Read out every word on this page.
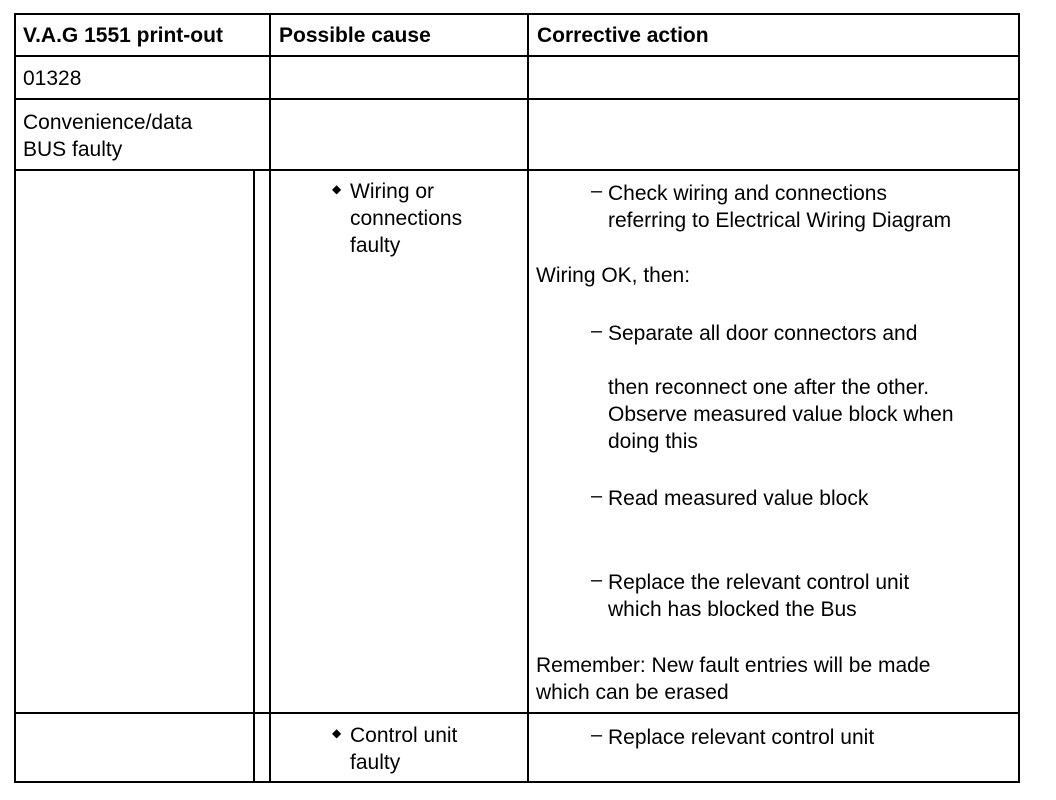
V.A.G 1551 print-out	Possible cause	Corrective action
01328
Convenience/data
BUS faulty
◆ Wiring or
connections
faulty
– Check wiring and connections
referring to Electrical Wiring Diagram
Wiring OK, then:
– Separate all door connectors and
then reconnect one after the other.
Observe measured value block when
doing this
– Read measured value block
– Replace the relevant control unit
which has blocked the Bus
Remember: New fault entries will be made
which can be erased
◆ Control unit
faulty
– Replace relevant control unit
